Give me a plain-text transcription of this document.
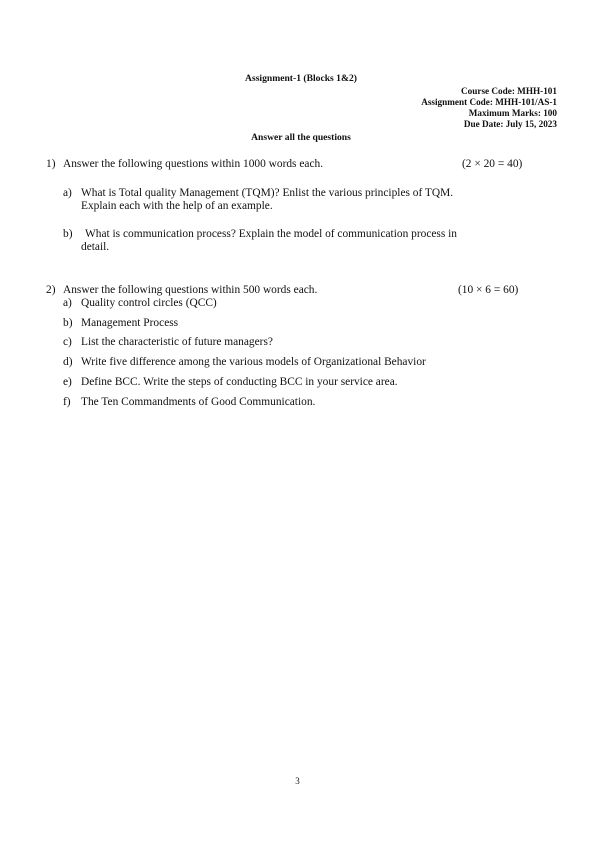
Assignment-1 (Blocks 1&2)
Course Code: MHH-101
Assignment Code: MHH-101/AS-1
Maximum Marks: 100
Due Date: July 15, 2023
Answer all the questions
1) Answer the following questions within 1000 words each.	(2 × 20 = 40)
a) What is Total quality Management (TQM)? Enlist the various principles of TQM.
Explain each with the help of an example.
b) What is communication process? Explain the model of communication process in
detail.
2) Answer the following questions within 500 words each.	(10 × 6 = 60)
a) Quality control circles (QCC)
b) Management Process
c) List the characteristic of future managers?
d) Write five difference among the various models of Organizational Behavior
e) Define BCC. Write the steps of conducting BCC in your service area.
f) The Ten Commandments of Good Communication.
3
